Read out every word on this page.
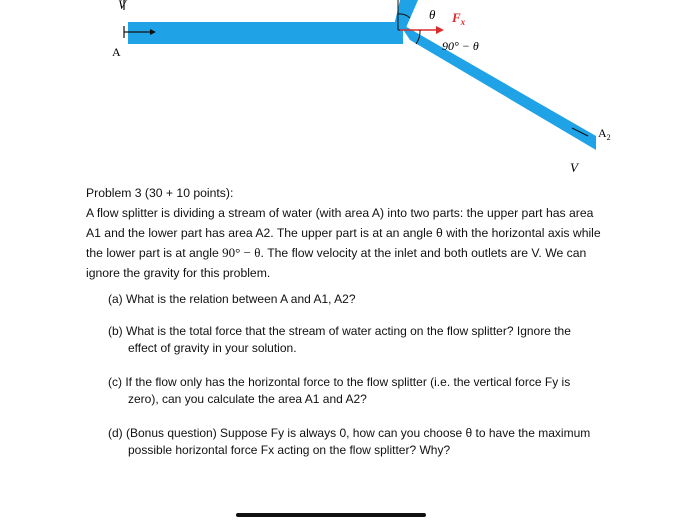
V
A
θ $F_x$
90° − θ
$A_2$
V

Problem 3 (30 + 10 points):

A flow splitter is dividing a stream of water (with area A) into two parts: the upper part has area

A1 and the lower part has area A2. The upper part is at an angle θ with the horizontal axis while

the lower part is at angle 90° − θ. The flow velocity at the inlet and both outlets are V. We can

ignore the gravity for this problem.

(a) What is the relation between A and A1, A2?
(b) What is the total force that the stream of water acting on the flow splitter? Ignore the
effect of gravity in your solution.
(c) If the flow only has the horizontal force to the flow splitter (i.e. the vertical force Fy is
zero), can you calculate the area A1 and A2?
(d) (Bonus question) Suppose Fy is always 0, how can you choose θ to have the maximum
possible horizontal force Fx acting on the flow splitter? Why?
